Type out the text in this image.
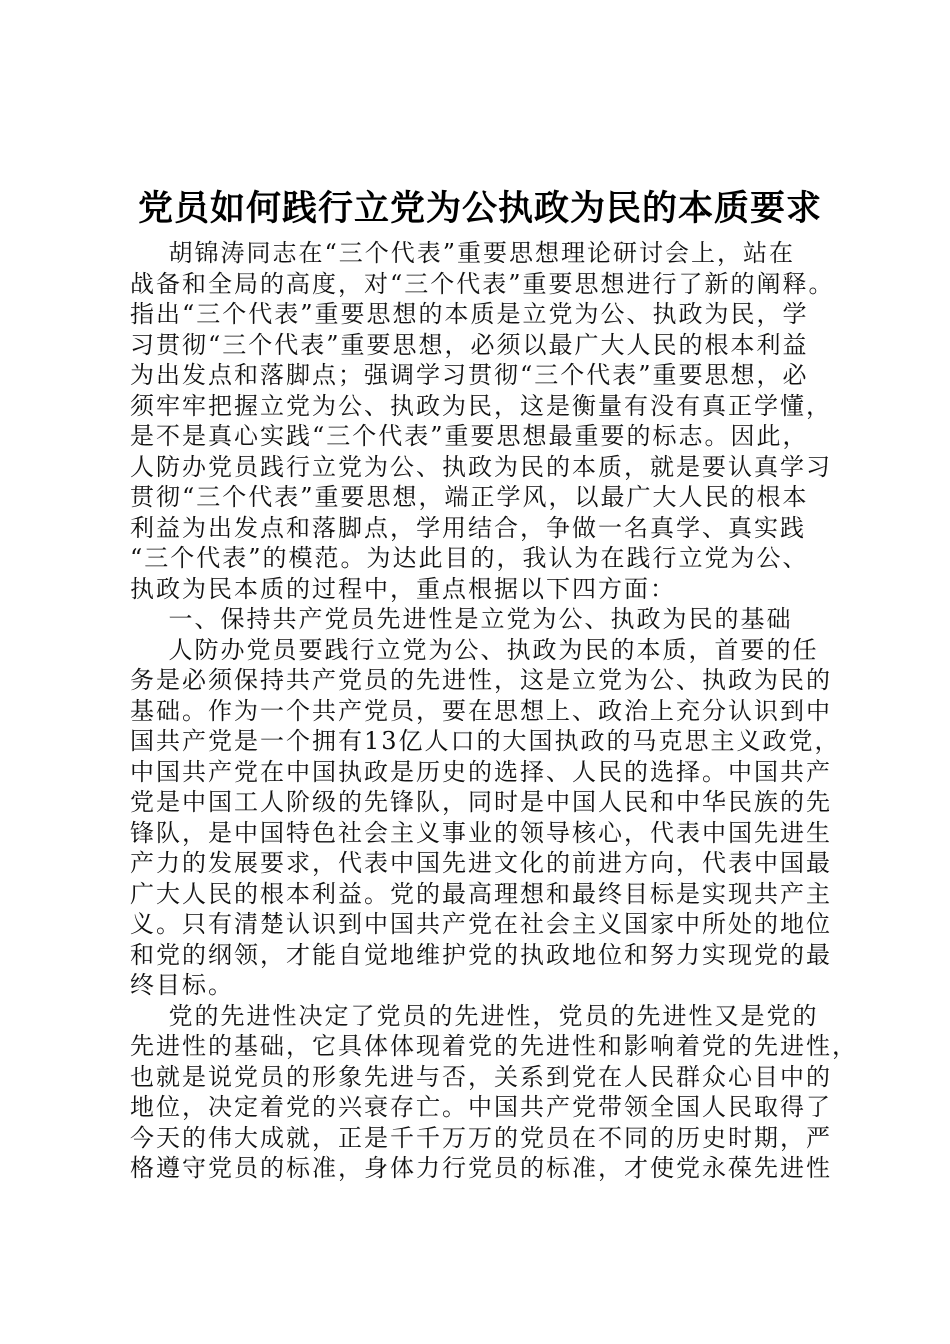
党员如何践行立党为公执政为民的本质要求
胡锦涛同志在“三个代表”重要思想理论研讨会上，站在
战备和全局的高度，对“三个代表”重要思想进行了新的阐释。
指出“三个代表”重要思想的本质是立党为公、执政为民，学
习贯彻“三个代表”重要思想，必须以最广大人民的根本利益
为出发点和落脚点；强调学习贯彻“三个代表”重要思想，必
须牢牢把握立党为公、执政为民，这是衡量有没有真正学懂，
是不是真心实践“三个代表”重要思想最重要的标志。因此，
人防办党员践行立党为公、执政为民的本质，就是要认真学习
贯彻“三个代表”重要思想，端正学风，以最广大人民的根本
利益为出发点和落脚点，学用结合，争做一名真学、真实践
“三个代表”的模范。为达此目的，我认为在践行立党为公、
执政为民本质的过程中，重点根据以下四方面：
一、保持共产党员先进性是立党为公、执政为民的基础
人防办党员要践行立党为公、执政为民的本质，首要的任
务是必须保持共产党员的先进性，这是立党为公、执政为民的
基础。作为一个共产党员，要在思想上、政治上充分认识到中
国共产党是一个拥有13亿人口的大国执政的马克思主义政党，
中国共产党在中国执政是历史的选择、人民的选择。中国共产
党是中国工人阶级的先锋队，同时是中国人民和中华民族的先
锋队，是中国特色社会主义事业的领导核心，代表中国先进生
产力的发展要求，代表中国先进文化的前进方向，代表中国最
广大人民的根本利益。党的最高理想和最终目标是实现共产主
义。只有清楚认识到中国共产党在社会主义国家中所处的地位
和党的纲领，才能自觉地维护党的执政地位和努力实现党的最
终目标。
党的先进性决定了党员的先进性，党员的先进性又是党的
先进性的基础，它具体体现着党的先进性和影响着党的先进性，
也就是说党员的形象先进与否，关系到党在人民群众心目中的
地位，决定着党的兴衰存亡。中国共产党带领全国人民取得了
今天的伟大成就，正是千千万万的党员在不同的历史时期，严
格遵守党员的标准，身体力行党员的标准，才使党永葆先进性
